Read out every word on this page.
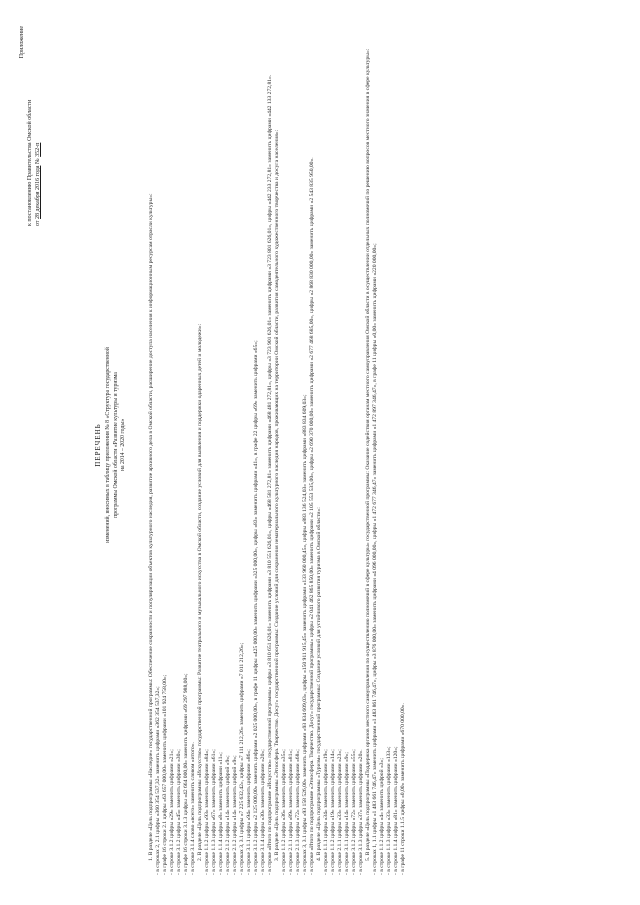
Приложение
к постановлению Правительства Омской области от 28 декабря 2016 года № 352-п
ПЕРЕЧЕНЬ изменений, вносимых в таблицу приложения № 8 «Структура государственной программы Омской области «Развитие культуры и туризма на 2014 – 2020 годы»	1. В разделе «Цель подпрограммы «Наследие» государственной программы: Обеспечение сохранности и популяризации объектов культурного наследия, развитие архивного дела в Омской области, расширение доступа населения к информационным ресурсам отрасли культуры»: - в строках 2, 2.1 цифры «360 354 537,32» заменить цифрами «362 354 537,32»; - в графе 16 строки 2.1 цифры «63 657 000,00» заменить цифрами «101 924 758,00»; - в строке 3.1.2 цифры «29» заменить цифрами «21»; - в строке 3.1.2 цифры «45» заменить цифрами «30»; - в графе 16 строки 3.1.3 цифры «42 664 000,00» заменить цифрами «69 297 988,00»; - в строке 3.1.4 слово «всего» заменить словом «итого». 2. В разделе «Цель подпрограммы «Искусство» государственной программы: Развитие театрального и музыкального искусства в Омской области, создание условий для выявления и поддержки одаренных детей и молодежи»: - в строке 1.1.2 цифры «93» заменить цифрами «84»; - в строке 1.1.3 цифры «67» заменить цифрами «61»; - в строке 1.1.4 цифры «8» заменить цифрами «11»; - в строке 2.1.2 цифры «14» заменить цифрой «9»; - в строке 2.1.2 цифры «14» заменить цифрой «9»; - в строках 3, 3.1 цифры «7 225 632,42», цифры «7 111 212,26» заменить цифрами «7 011 212,26»; - в строке 3.1.1 цифры «94» заменить цифрами «86»; - в строке 3.1.2 цифры «2 125 000,00» заменить цифрами «2 025 000,00», в графе 11 цифры «425 000,00» заменить цифрами «325 000,00», цифры «83» заменить цифрами «41», в графе 22 цифры «69» заменить цифрами «65»; - в строке 3.1.4 цифры «30» заменить цифрами «20»; - в строке «Итого по подпрограмме «Искусство» государственной программы» цифры «3 810 651 626,01» заменить цифрами «3 810 551 626,01», цифры «468 581 272,81» заменить цифрами «468 481 272,81», цифры «3 723 901 626,01» заменить цифрами «3 723 801 626,01», цифры «442 233 272,81» заменить цифрами «442 133 272,81». 3. В разделе «Цель подпрограммы «Этносфера. Творчество. Досуг» государственной программы: Создание условий для сохранения нематериального культурного наследия народов, проживающих на территории Омской области, развития самодеятельного художественного творчества и досуга населения»: - в строке 1.1.2 цифры «36» заменить цифрами «35»; - в строке 2.1.1 цифры «89» заменить цифрами «81»; - в строке 2.1.3 цифры «72» заменить цифрами «68»; - в строках 3, 3.1 цифры «93 158 526,00» заменить цифрами «93 834 609,03», цифры «150 911 915,45» заменить цифрами «133 960 000,45», цифры «883 136 524,03» заменить цифрами «883 834 609,03»; - в строке «Итого по подпрограмме «Этносфера. Творчество. Досуг» государственной программы» цифры «2 041 462 865 850,00» заменить цифрами «2 105 553 535,00», цифры «2 690 370 000,00» заменить цифрами «2 677 468 685,00», цифры «2 868 830 000,00» заменить цифрами «2 543 835 950,00». 4. В разделе «Цель подпрограммы «Туризм» государственной программы: Создание условий для устойчивого развития туризма в Омской области»: - в строке 1.1.1 цифры «34» заменить цифрами «19»; - в строке 1.1.2 цифры «19» заменить цифрами «14»; - в строке 2.1.1 цифры «33» заменить цифрами «23»; - в строке 3.1.1 цифры «14» заменить цифрами «9»; - в строке 3.1.2 цифры «72» заменить цифрами «55»; - в строке 3.1.3 цифры «37» заменить цифрами «20». 5. В разделе «Цель подпрограммы «Поддержка органов местного самоуправления по осуществлению полномочий в сфере культуры» государственной программы: Оказание содействия органам местного самоуправления Омской области в осуществлении отдельных полномочий по решению вопросов местного значения в сфере культуры»: - в строках 1, 1.1 цифры «1 483 661 746,47» заменить цифрами «1 483 861 746,47», цифры «3 876 000,00» заменить цифрами «4 096 000,00», цифры «1 472 677 346,47» заменить цифрами «1 472 897 346,47», в графе 11 цифры «0,00» заменить цифрами «220 000,00»; - в строке 1.1.2 цифры «4» заменить цифрой «3»; - в строке 1.1.3 цифры «33» заменить цифрами «133»; - в строке 1.1.4 цифры «81» заменить цифрами «120»; - в графе 11 строки 1.1.5 цифры «0,00» заменить цифрами «670 000,00».
